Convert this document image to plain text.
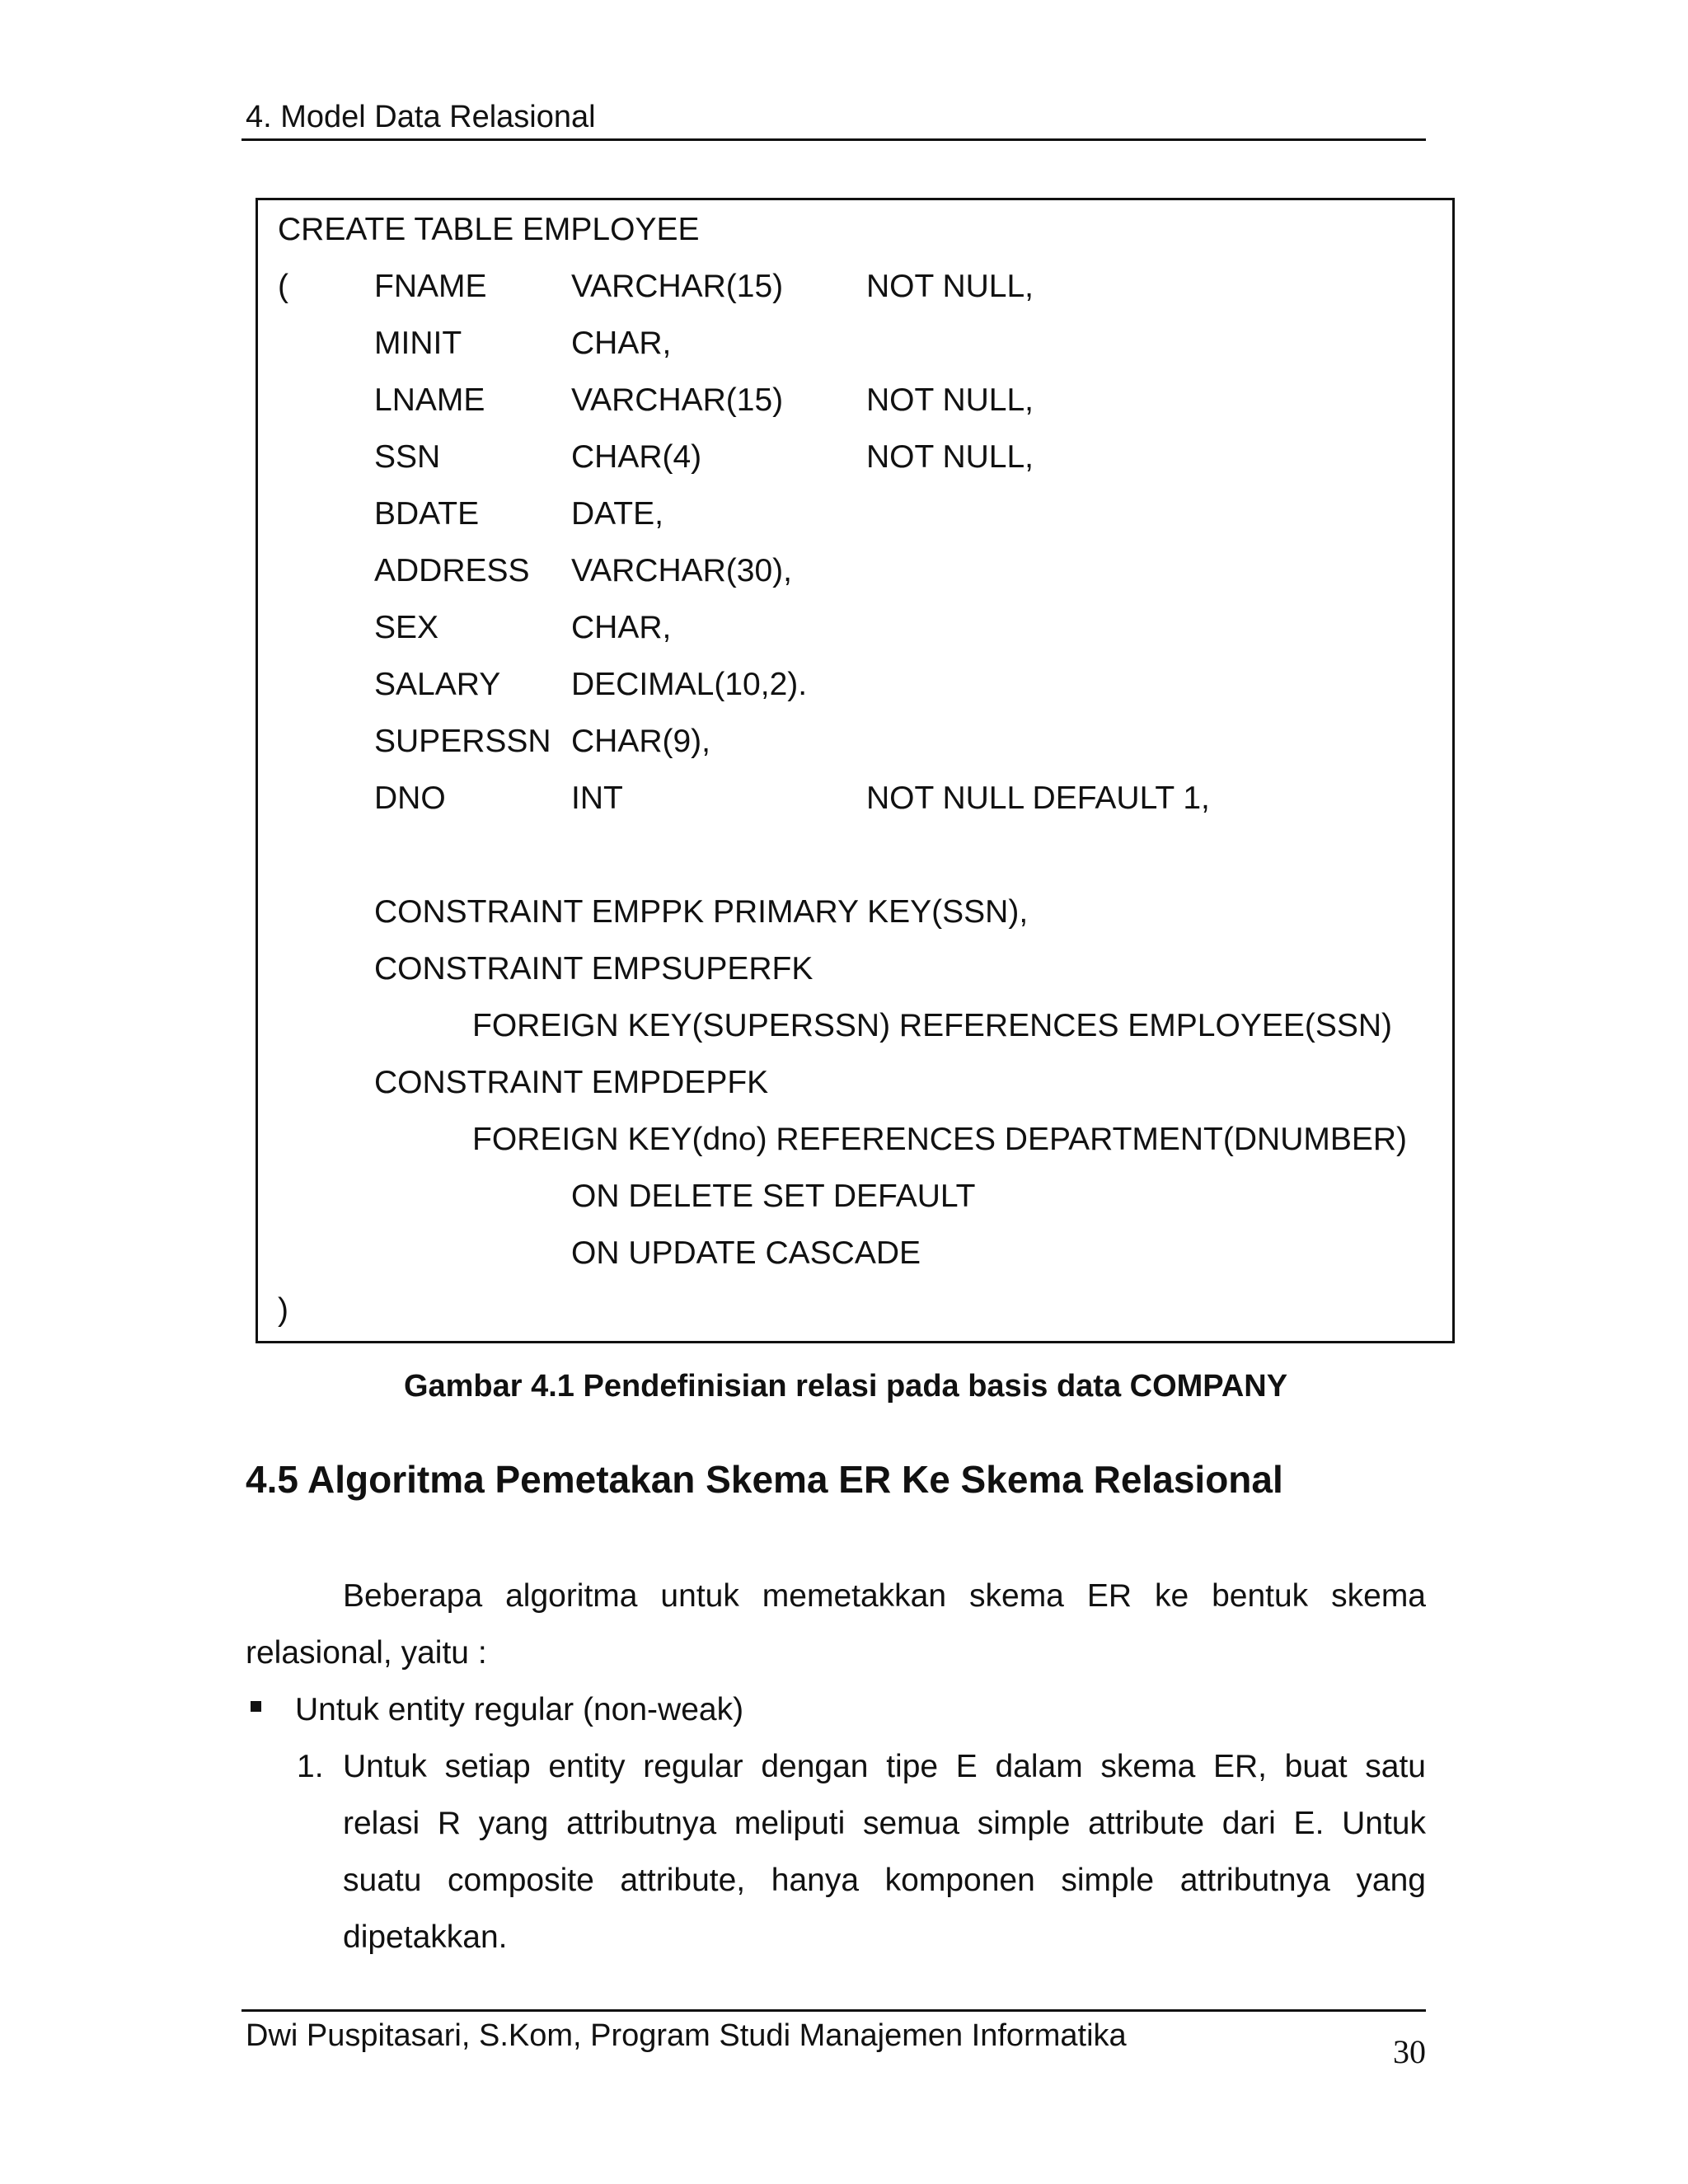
4. Model Data Relasional
CREATE TABLE EMPLOYEE
(	FNAME	VARCHAR(15)	NOT NULL,
MINIT	CHAR,
LNAME	VARCHAR(15)	NOT NULL,
SSN	CHAR(4)	NOT NULL,
BDATE	DATE,
ADDRESS VARCHAR(30),
SEX	CHAR,
SALARY DECIMAL(10,2).
SUPERSSN CHAR(9),
DNO	INT	NOT NULL DEFAULT 1,
CONSTRAINT EMPPK PRIMARY KEY(SSN),
CONSTRAINT EMPSUPERFK
FOREIGN KEY(SUPERSSN) REFERENCES EMPLOYEE(SSN)
CONSTRAINT EMPDEPFK
FOREIGN KEY(dno) REFERENCES DEPARTMENT(DNUMBER)
ON DELETE SET DEFAULT
ON UPDATE CASCADE
)
Gambar 4.1 Pendefinisian relasi pada basis data COMPANY
4.5 Algoritma Pemetakan Skema ER Ke Skema Relasional
Beberapa algoritma untuk memetakkan skema ER ke bentuk skema
relasional, yaitu :
Untuk entity regular (non-weak)
1. Untuk setiap entity regular dengan tipe E dalam skema ER, buat satu
relasi R yang attributnya meliputi semua simple attribute dari E. Untuk
suatu composite attribute, hanya komponen simple attributnya yang
dipetakkan.
Dwi Puspitasari, S.Kom, Program Studi Manajemen Informatika	30
